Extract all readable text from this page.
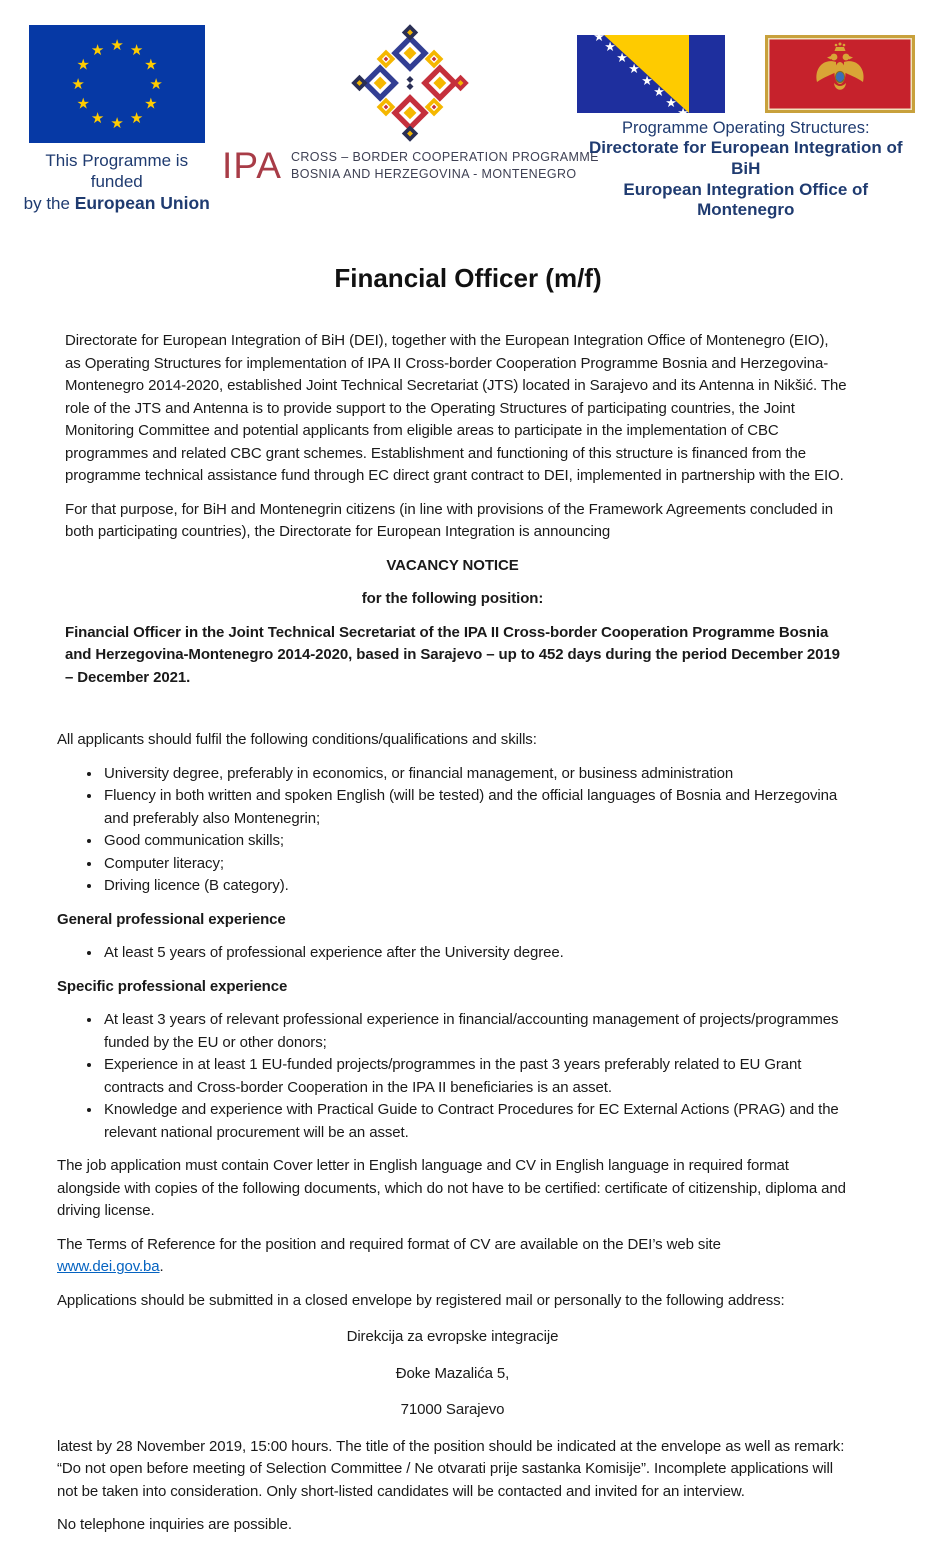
★ ★
★
★
★
★
★
★
★
★
★
★
This Programme is funded
by the European Union
IPA CROSS – BORDER COOPERATION PROGRAMME
BOSNIA AND HERZEGOVINA - MONTENEGRO
★
★
★
★
★
★
★
★
Programme Operating Structures:
Directorate for European Integration of BiH
European Integration Office of Montenegro
Financial Officer (m/f)

Directorate for European Integration of BiH (DEI), together with the European Integration Office of Montenegro (EIO), as Operating Structures for implementation of IPA II Cross-border Cooperation Programme Bosnia and Herzegovina-Montenegro 2014-2020, established Joint Technical Secretariat (JTS) located in Sarajevo and its Antenna in Nikšić. The role of the JTS and Antenna is to provide support to the Operating Structures of participating countries, the Joint Monitoring Committee and potential applicants from eligible areas to participate in the implementation of CBC programmes and related CBC grant schemes. Establishment and functioning of this structure is financed from the programme technical assistance fund through EC direct grant contract to DEI, implemented in partnership with the EIO.

For that purpose, for BiH and Montenegrin citizens (in line with provisions of the Framework Agreements concluded in both participating countries), the Directorate for European Integration is announcing

VACANCY NOTICE

for the following position:

Financial Officer in the Joint Technical Secretariat of the IPA II Cross-border Cooperation Programme Bosnia and Herzegovina-Montenegro 2014-2020, based in Sarajevo – up to 452 days during the period December 2019 – December 2021.

All applicants should fulfil the following conditions/qualifications and skills:

• University degree, preferably in economics, or financial management, or business administration
• Fluency in both written and spoken English (will be tested) and the official languages of Bosnia and Herzegovina and preferably also Montenegrin;
• Good communication skills;
• Computer literacy;
• Driving licence (B category).

General professional experience

• At least 5 years of professional experience after the University degree.

Specific professional experience

• At least 3 years of relevant professional experience in financial/accounting management of projects/programmes funded by the EU or other donors;
• Experience in at least 1 EU-funded projects/programmes in the past 3 years preferably related to EU Grant contracts and Cross-border Cooperation in the IPA II beneficiaries is an asset.
• Knowledge and experience with Practical Guide to Contract Procedures for EC External Actions (PRAG) and the relevant national procurement will be an asset.

The job application must contain Cover letter in English language and CV in English language in required format alongside with copies of the following documents, which do not have to be certified: certificate of citizenship, diploma and driving license.

The Terms of Reference for the position and required format of CV are available on the DEI’s web site
www.dei.gov.ba.

Applications should be submitted in a closed envelope by registered mail or personally to the following address:

Direkcija za evropske integracije

Đoke Mazalića 5,

71000 Sarajevo

latest by 28 November 2019, 15:00 hours. The title of the position should be indicated at the envelope as well as remark: “Do not open before meeting of Selection Committee / Ne otvarati prije sastanka Komisije”. Incomplete applications will not be taken into consideration. Only short-listed candidates will be contacted and invited for an interview.

No telephone inquiries are possible.
